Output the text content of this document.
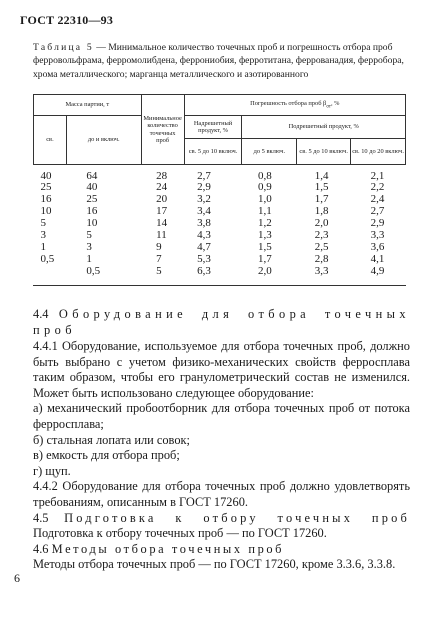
ГОСТ 22310—93
Таблица 5 — Минимальное количество точечных проб и погрешность отбора проб ферровольфрама, ферромолибдена, феррониобия, ферротитана, феррованадия, ферробора, хрома металлического; марганца металлического и азотированного
Масса партии, т		Минимальное количество точечных проб	Погрешность отбора проб $\beta_{от}$, %			
св.	до и включ.		Надрешетный продукт, %	Подрешетный продукт, %		
			св. 5 до 10 включ.	до 5 включ.	св. 5 до 10 включ.	св. 10 до 20 включ.

40	64	28	2,7	0,8	1,4	2,1
25	40	24	2,9	0,9	1,5	2,2
16	25	20	3,2	1,0	1,7	2,4
10	16	17	3,4	1,1	1,8	2,7
5	10	14	3,8	1,2	2,0	2,9
3	5	11	4,3	1,3	2,3	3,3
1	3	9	4,7	1,5	2,5	3,6
0,5	1	7	5,3	1,7	2,8	4,1
	0,5	5	6,3	2,0	3,3	4,9
4.4 Оборудование для отбора точечных
проб

4.4.1 Оборудование, используемое для отбора точечных проб, должно быть выбрано с учетом физико-механических свойств ферросплава таким образом, чтобы его гранулометрический состав не изменился. Может быть использовано следующее оборудование:

а) механический пробоотборник для отбора точечных проб от потока ферросплава;

б) стальная лопата или совок;

в) емкость для отбора проб;

г) щуп.

4.4.2 Оборудование для отбора точечных проб должно удовлетворять требованиям, описанным в ГОСТ 17260.

4.5 Подготовка к отбору точечных проб

Подготовка к отбору точечных проб — по ГОСТ 17260.

4.6 Методы отбора точечных проб

Методы отбора точечных проб — по ГОСТ 17260, кроме 3.3.6, 3.3.8.

6
